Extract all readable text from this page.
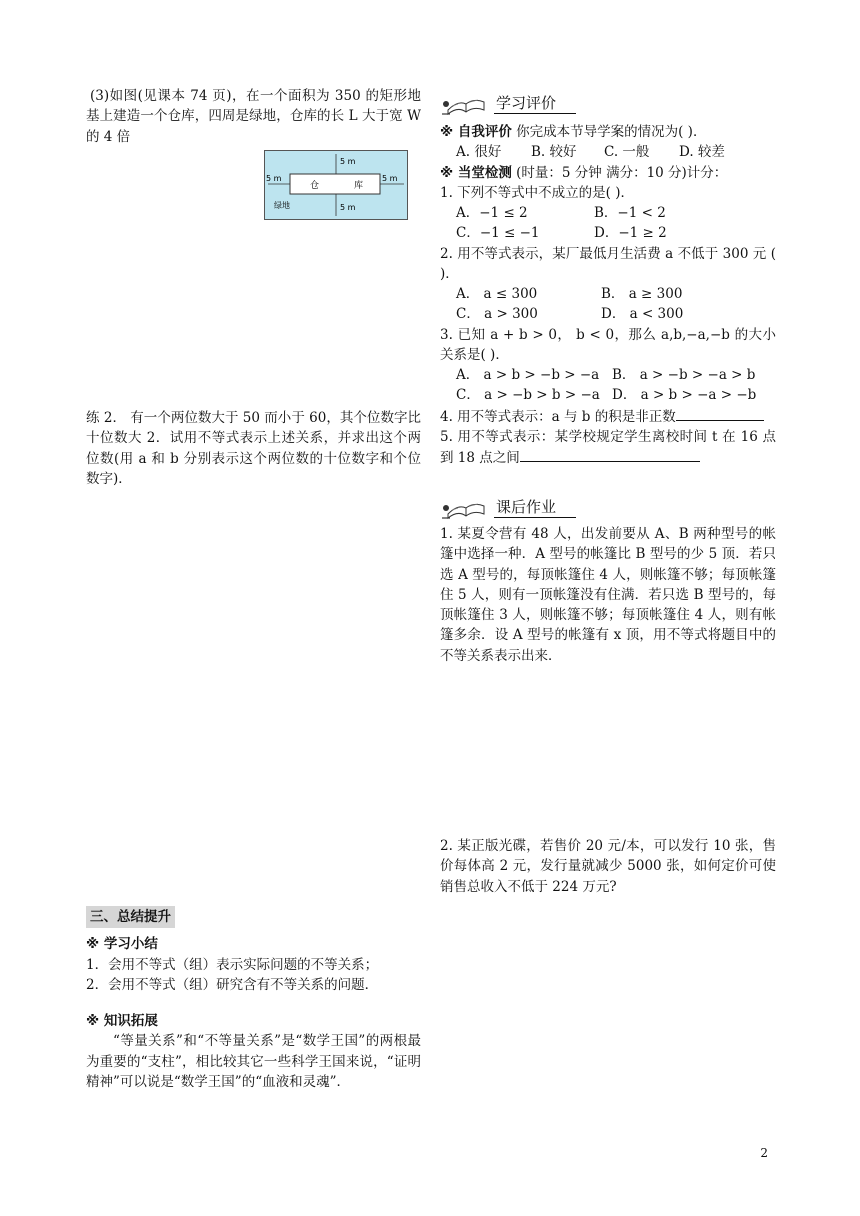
(3)如图(见课本 74 页)，在一个面积为 350 的矩形地基上建造一个仓库，四周是绿地，仓库的长 L 大于宽 W 的 4 倍

5 m
5 m
5 m	5 m
仓	库
绿地

练 2． 有一个两位数大于 50 而小于 60，其个位数字比十位数大 2．试用不等式表示上述关系，并求出这个两位数(用 a 和 b 分别表示这个两位数的十位数字和个位数字)．

三、总结提升

※ 学习小结

1．会用不等式（组）表示实际问题的不等关系；

2．会用不等式（组）研究含有不等关系的问题．

※ 知识拓展

“等量关系”和“不等量关系”是“数学王国”的两根最为重要的“支柱”，相比较其它一些科学王国来说，“证明精神”可以说是“数学王国”的“血液和灵魂”．

学习评价

※ 自我评价 你完成本节导学案的情况为( )．

A. 很好	B. 较好	C. 一般	D. 较差

※ 当堂检测 (时量：5 分钟 满分：10 分)计分：

1. 下列不等式中不成立的是( )．

A．−1 ≤ 2	B．−1 < 2
C．−1 ≤ −1	D．−1 ≥ 2

2. 用不等式表示，某厂最低月生活费 a 不低于 300 元 ( )．

A． a ≤ 300	B． a ≥ 300
C． a > 300	D． a < 300

3. 已知 a + b > 0， b < 0，那么 a,b,−a,−b 的大小关系是( )．

A． a > b > −b > −a B． a > −b > −a > b
C． a > −b > b > −a D． a > b > −a > −b

4. 用不等式表示：a 与 b 的积是非正数

5. 用不等式表示：某学校规定学生离校时间 t 在 16 点到 18 点之间

课后作业

1. 某夏令营有 48 人，出发前要从 A、B 两种型号的帐篷中选择一种．A 型号的帐篷比 B 型号的少 5 顶．若只选 A 型号的，每顶帐篷住 4 人，则帐篷不够；每顶帐篷住 5 人，则有一顶帐篷没有住满．若只选 B 型号的，每顶帐篷住 3 人，则帐篷不够；每顶帐篷住 4 人，则有帐篷多余．设 A 型号的帐篷有 x 顶，用不等式将题目中的不等关系表示出来．

2. 某正版光碟，若售价 20 元/本，可以发行 10 张，售价每体高 2 元，发行量就减少 5000 张，如何定价可使销售总收入不低于 224 万元?

2
